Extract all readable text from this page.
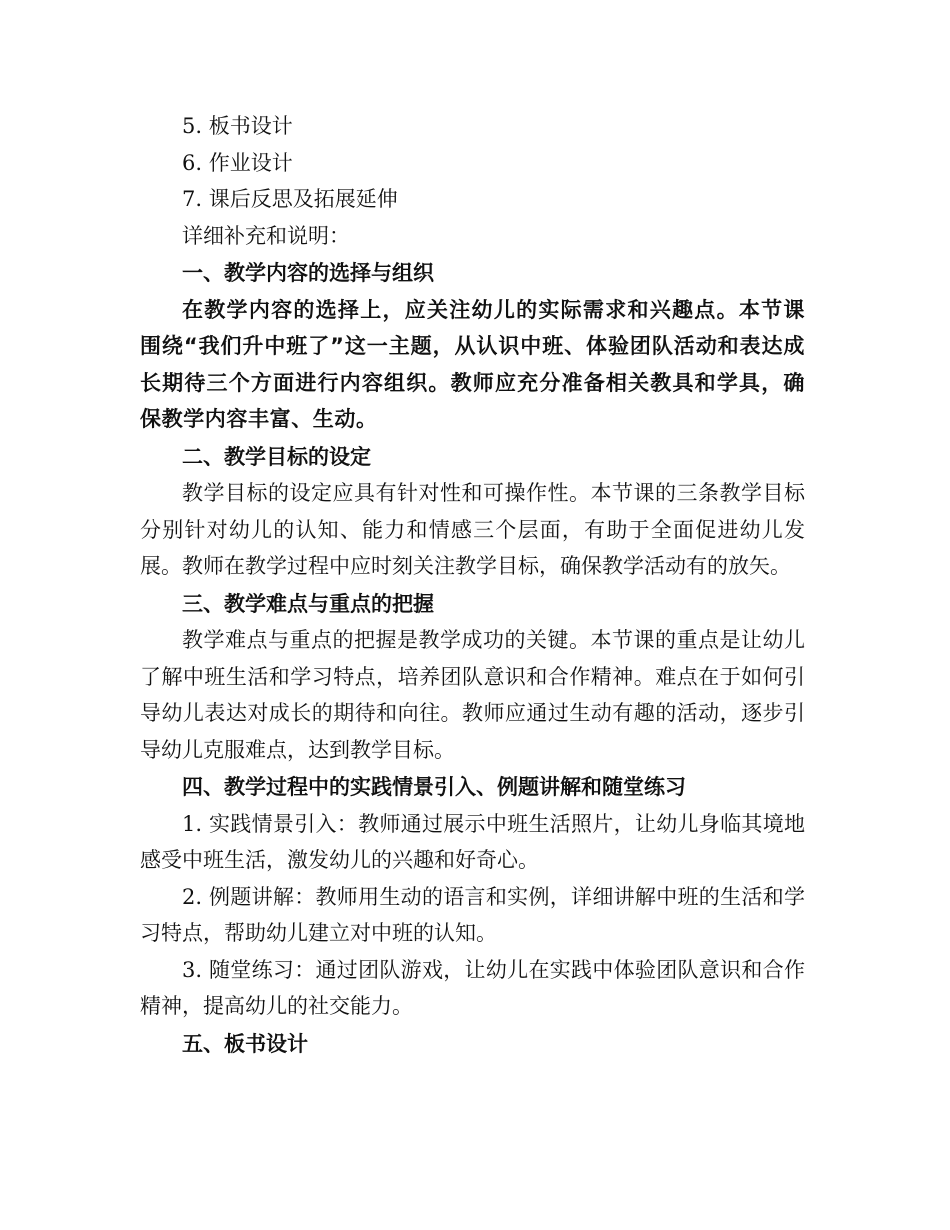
5. 板书设计

6. 作业设计

7. 课后反思及拓展延伸

详细补充和说明：

一、教学内容的选择与组织

在教学内容的选择上，应关注幼儿的实际需求和兴趣点。本节课围绕“我们升中班了”这一主题，从认识中班、体验团队活动和表达成长期待三个方面进行内容组织。教师应充分准备相关教具和学具，确保教学内容丰富、生动。

二、教学目标的设定

教学目标的设定应具有针对性和可操作性。本节课的三条教学目标分别针对幼儿的认知、能力和情感三个层面，有助于全面促进幼儿发展。教师在教学过程中应时刻关注教学目标，确保教学活动有的放矢。

三、教学难点与重点的把握

教学难点与重点的把握是教学成功的关键。本节课的重点是让幼儿了解中班生活和学习特点，培养团队意识和合作精神。难点在于如何引导幼儿表达对成长的期待和向往。教师应通过生动有趣的活动，逐步引导幼儿克服难点，达到教学目标。

四、教学过程中的实践情景引入、例题讲解和随堂练习

1. 实践情景引入：教师通过展示中班生活照片，让幼儿身临其境地感受中班生活，激发幼儿的兴趣和好奇心。

2. 例题讲解：教师用生动的语言和实例，详细讲解中班的生活和学习特点，帮助幼儿建立对中班的认知。

3. 随堂练习：通过团队游戏，让幼儿在实践中体验团队意识和合作精神，提高幼儿的社交能力。

五、板书设计
